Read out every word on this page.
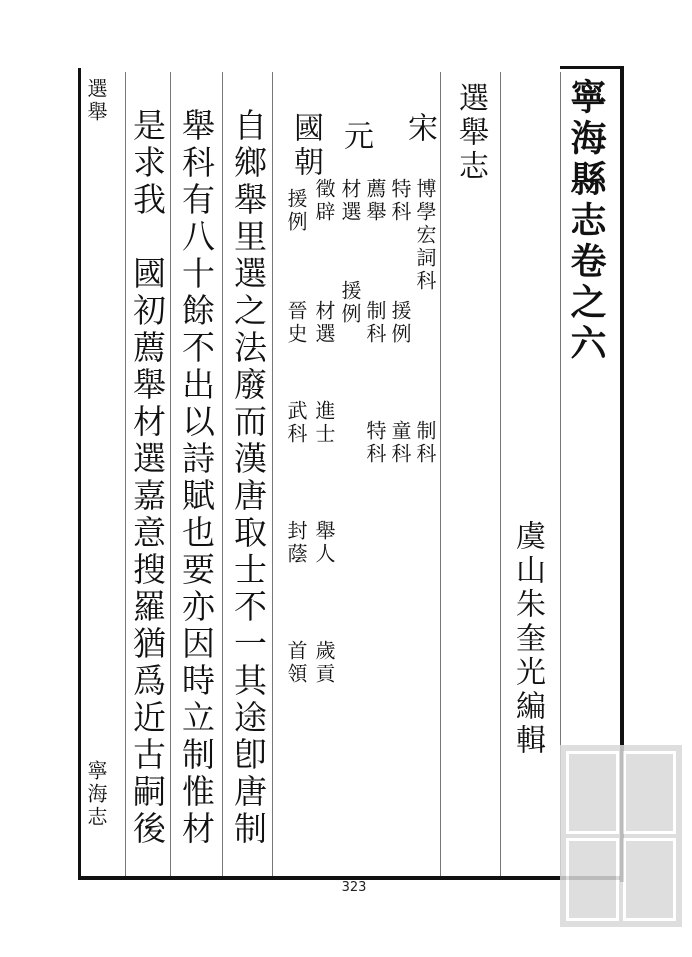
寧海縣志卷之六
虞山朱奎光編輯
選舉志
宋
博學宏詞科
制科
特科
援例
童科
薦舉
制科
特科
元
材選
援例
徵辟
材選
進士
舉人
歲貢
國朝
援例
晉史
武科
封蔭
首領
自鄉舉里選之法廢而漢唐取士不一其途卽唐制
舉科有八十餘不出以詩賦也要亦因時立制惟材
是求我　國初薦舉材選嘉意搜羅猶爲近古嗣後
選舉
寧海志
323
